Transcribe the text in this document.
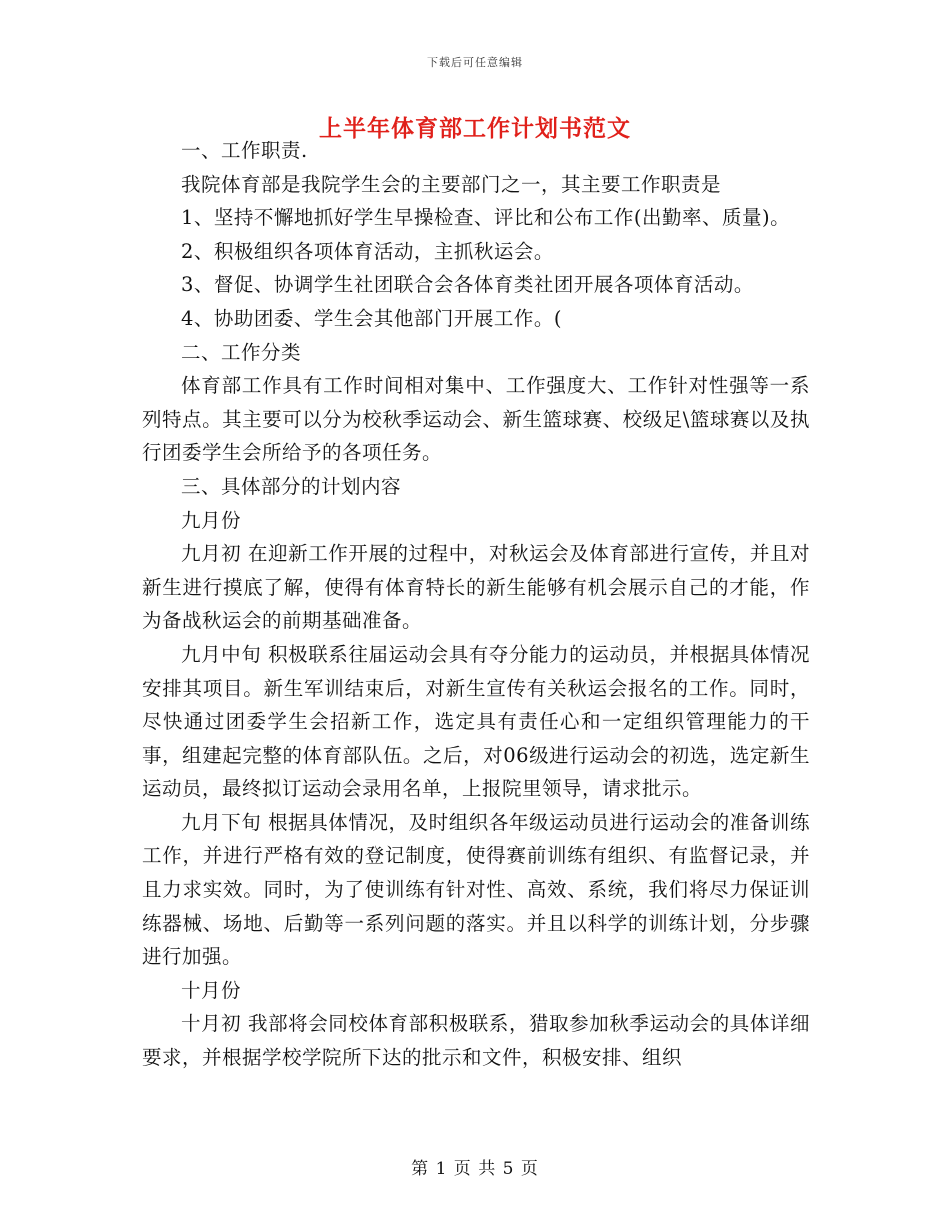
下载后可任意编辑
上半年体育部工作计划书范文

一、工作职责.

我院体育部是我院学生会的主要部门之一，其主要工作职责是

1、坚持不懈地抓好学生早操检查、评比和公布工作(出勤率、质量)。

2、积极组织各项体育活动，主抓秋运会。

3、督促、协调学生社团联合会各体育类社团开展各项体育活动。

4、协助团委、学生会其他部门开展工作。(

二、工作分类

体育部工作具有工作时间相对集中、工作强度大、工作针对性强等一系列特点。其主要可以分为校秋季运动会、新生篮球赛、校级足\篮球赛以及执行团委学生会所给予的各项任务。

三、具体部分的计划内容

九月份

九月初 在迎新工作开展的过程中，对秋运会及体育部进行宣传，并且对新生进行摸底了解，使得有体育特长的新生能够有机会展示自己的才能，作为备战秋运会的前期基础准备。

九月中旬 积极联系往届运动会具有夺分能力的运动员，并根据具体情况安排其项目。新生军训结束后，对新生宣传有关秋运会报名的工作。同时，尽快通过团委学生会招新工作，选定具有责任心和一定组织管理能力的干事，组建起完整的体育部队伍。之后，对06级进行运动会的初选，选定新生运动员，最终拟订运动会录用名单，上报院里领导，请求批示。

九月下旬 根据具体情况，及时组织各年级运动员进行运动会的准备训练工作，并进行严格有效的登记制度，使得赛前训练有组织、有监督记录，并且力求实效。同时，为了使训练有针对性、高效、系统，我们将尽力保证训练器械、场地、后勤等一系列问题的落实。并且以科学的训练计划，分步骤进行加强。

十月份

十月初 我部将会同校体育部积极联系，猎取参加秋季运动会的具体详细要求，并根据学校学院所下达的批示和文件，积极安排、组织

第 1 页 共 5 页
